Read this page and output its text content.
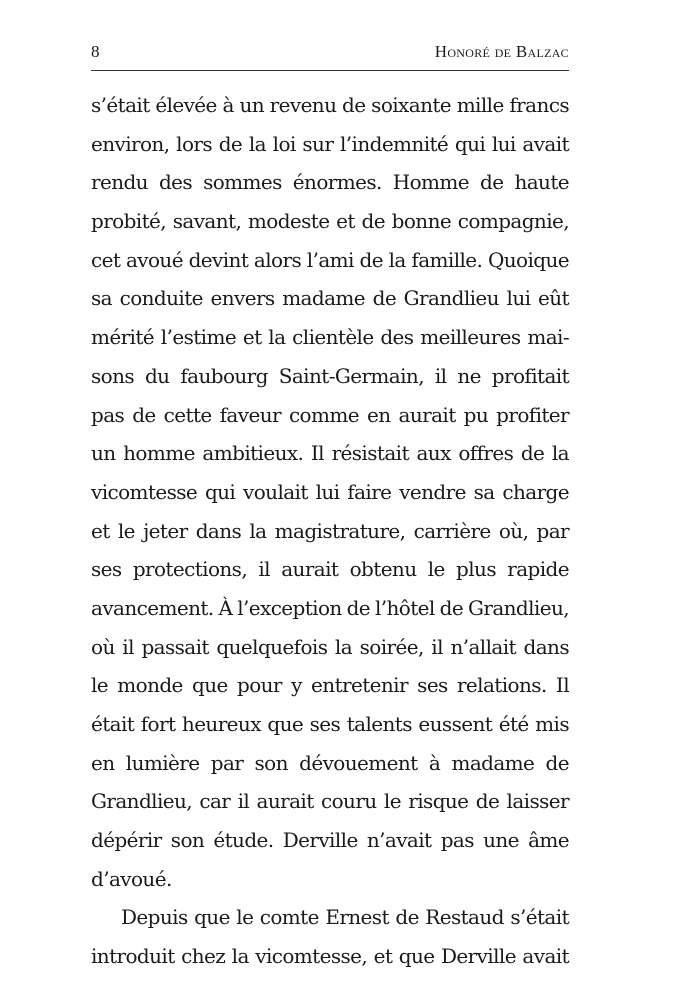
8	Honoré de Balzac
s’était élevée à un revenu de soixante mille francs
environ, lors de la loi sur l’indemnité qui lui avait
rendu des sommes énormes. Homme de haute
probité, savant, modeste et de bonne compagnie,
cet avoué devint alors l’ami de la famille. Quoique
sa conduite envers madame de Grandlieu lui eût
mérité l’estime et la clientèle des meilleures mai-
sons du faubourg Saint-Germain, il ne profitait
pas de cette faveur comme en aurait pu profiter
un homme ambitieux. Il résistait aux offres de la
vicomtesse qui voulait lui faire vendre sa charge
et le jeter dans la magistrature, carrière où, par
ses protections, il aurait obtenu le plus rapide
avancement. À l’exception de l’hôtel de Grandlieu,
où il passait quelquefois la soirée, il n’allait dans
le monde que pour y entretenir ses relations. Il
était fort heureux que ses talents eussent été mis
en lumière par son dévouement à madame de
Grandlieu, car il aurait couru le risque de laisser
dépérir son étude. Derville n’avait pas une âme
d’avoué.
Depuis que le comte Ernest de Restaud s’était
introduit chez la vicomtesse, et que Derville avait
